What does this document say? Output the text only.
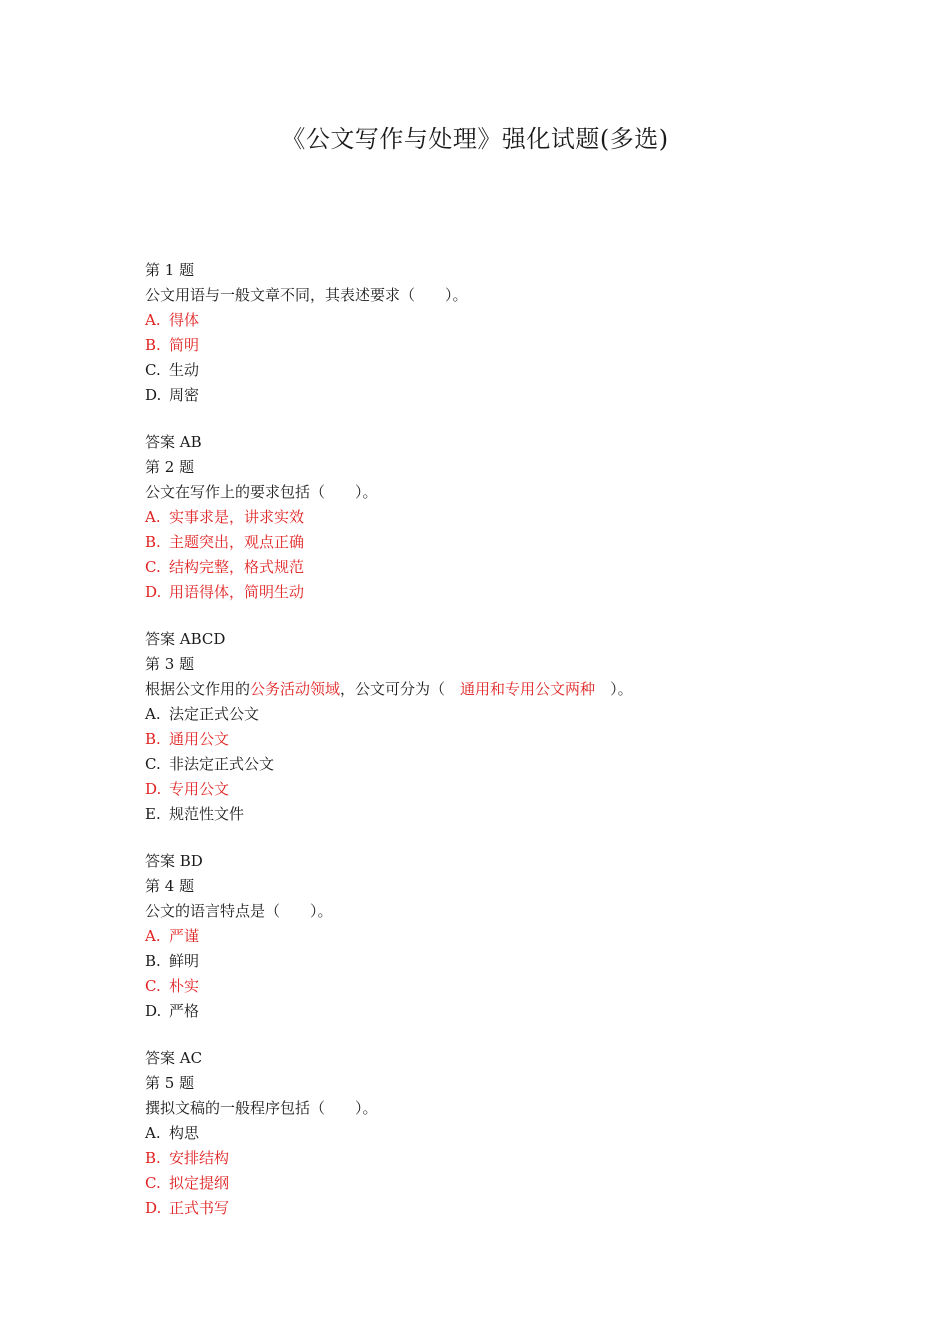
《公文写作与处理》强化试题(多选)
第 1 题
公文用语与一般文章不同，其表述要求（　　）。
A. 得体
B. 简明
C. 生动
D. 周密
答案 AB
第 2 题
公文在写作上的要求包括（　　）。
A. 实事求是，讲求实效
B. 主题突出，观点正确
C. 结构完整，格式规范
D. 用语得体，简明生动
答案 ABCD
第 3 题
根据公文作用的公务活动领域，公文可分为（　通用和专用公文两种　）。
A. 法定正式公文
B. 通用公文
C. 非法定正式公文
D. 专用公文
E. 规范性文件
答案 BD
第 4 题
公文的语言特点是（　　）。
A. 严谨
B. 鲜明
C. 朴实
D. 严格
答案 AC
第 5 题
撰拟文稿的一般程序包括（　　）。
A. 构思
B. 安排结构
C. 拟定提纲
D. 正式书写
